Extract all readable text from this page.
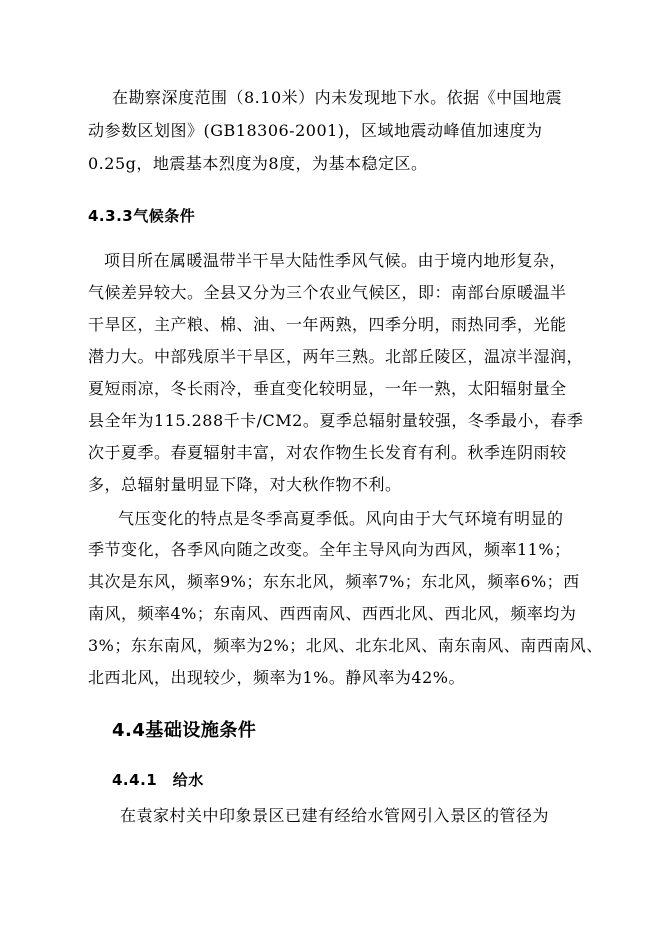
在勘察深度范围（8.10米）内未发现地下水。依据《中国地震
动参数区划图》(GB18306-2001)，区域地震动峰值加速度为
0.25g，地震基本烈度为8度，为基本稳定区。
4.3.3气候条件
项目所在属暖温带半干旱大陆性季风气候。由于境内地形复杂，
气候差异较大。全县又分为三个农业气候区，即：南部台原暖温半
干旱区，主产粮、棉、油、一年两熟，四季分明，雨热同季，光能
潜力大。中部残原半干旱区，两年三熟。北部丘陵区，温凉半湿润，
夏短雨凉，冬长雨冷，垂直变化较明显，一年一熟，太阳辐射量全
县全年为115.288千卡/CM2。夏季总辐射量较强，冬季最小，春季
次于夏季。春夏辐射丰富，对农作物生长发育有利。秋季连阴雨较
多，总辐射量明显下降，对大秋作物不利。
气压变化的特点是冬季高夏季低。风向由于大气环境有明显的
季节变化，各季风向随之改变。全年主导风向为西风，频率11%；
其次是东风，频率9%；东东北风，频率7%；东北风，频率6%；西
南风，频率4%；东南风、西西南风、西西北风、西北风，频率均为
3%；东东南风，频率为2%；北风、北东北风、南东南风、南西南风、
北西北风，出现较少，频率为1%。静风率为42%。
4.4基础设施条件
4.4.1　给水
在袁家村关中印象景区已建有经给水管网引入景区的管径为
